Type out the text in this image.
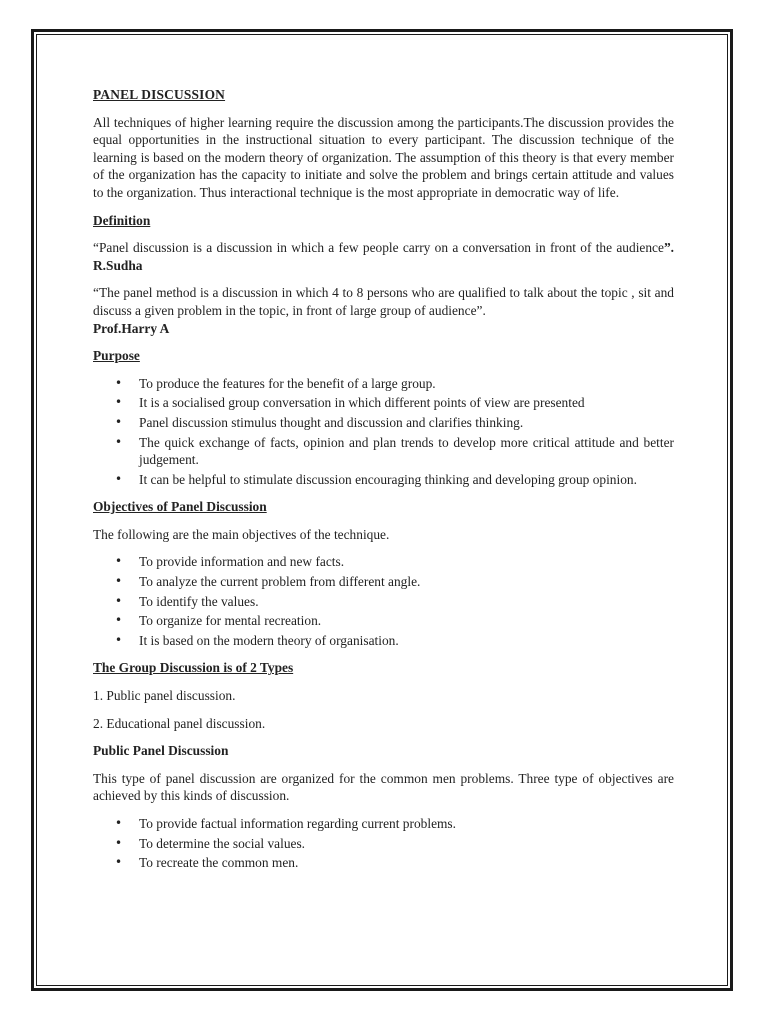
PANEL DISCUSSION

All techniques of higher learning require the discussion among the participants.The discussion provides the equal opportunities in the instructional situation to every participant. The discussion technique of the learning is based on the modern theory of organization. The assumption of this theory is that every member of the organization has the capacity to initiate and solve the problem and brings certain attitude and values to the organization. Thus interactional technique is the most appropriate in democratic way of life.

Definition
“Panel discussion is a discussion in which a few people carry on a conversation in front of the audience”. R.Sudha
“The panel method is a discussion in which 4 to 8 persons who are qualified to talk about the topic , sit and discuss a given problem in the topic, in front of large group of audience”.
Prof.Harry A
Purpose
• To produce the features for the benefit of a large group.
• It is a socialised group conversation in which different points of view are presented
• Panel discussion stimulus thought and discussion and clarifies thinking.
• The quick exchange of facts, opinion and plan trends to develop more critical attitude and better judgement.
• It can be helpful to stimulate discussion encouraging thinking and developing group opinion.
Objectives of Panel Discussion

The following are the main objectives of the technique.

• To provide information and new facts.
• To analyze the current problem from different angle.
• To identify the values.
• To organize for mental recreation.
• It is based on the modern theory of organisation.
The Group Discussion is of 2 Types

1. Public panel discussion.

2. Educational panel discussion.

Public Panel Discussion

This type of panel discussion are organized for the common men problems. Three type of objectives are achieved by this kinds of discussion.

• To provide factual information regarding current problems.
• To determine the social values.
• To recreate the common men.
